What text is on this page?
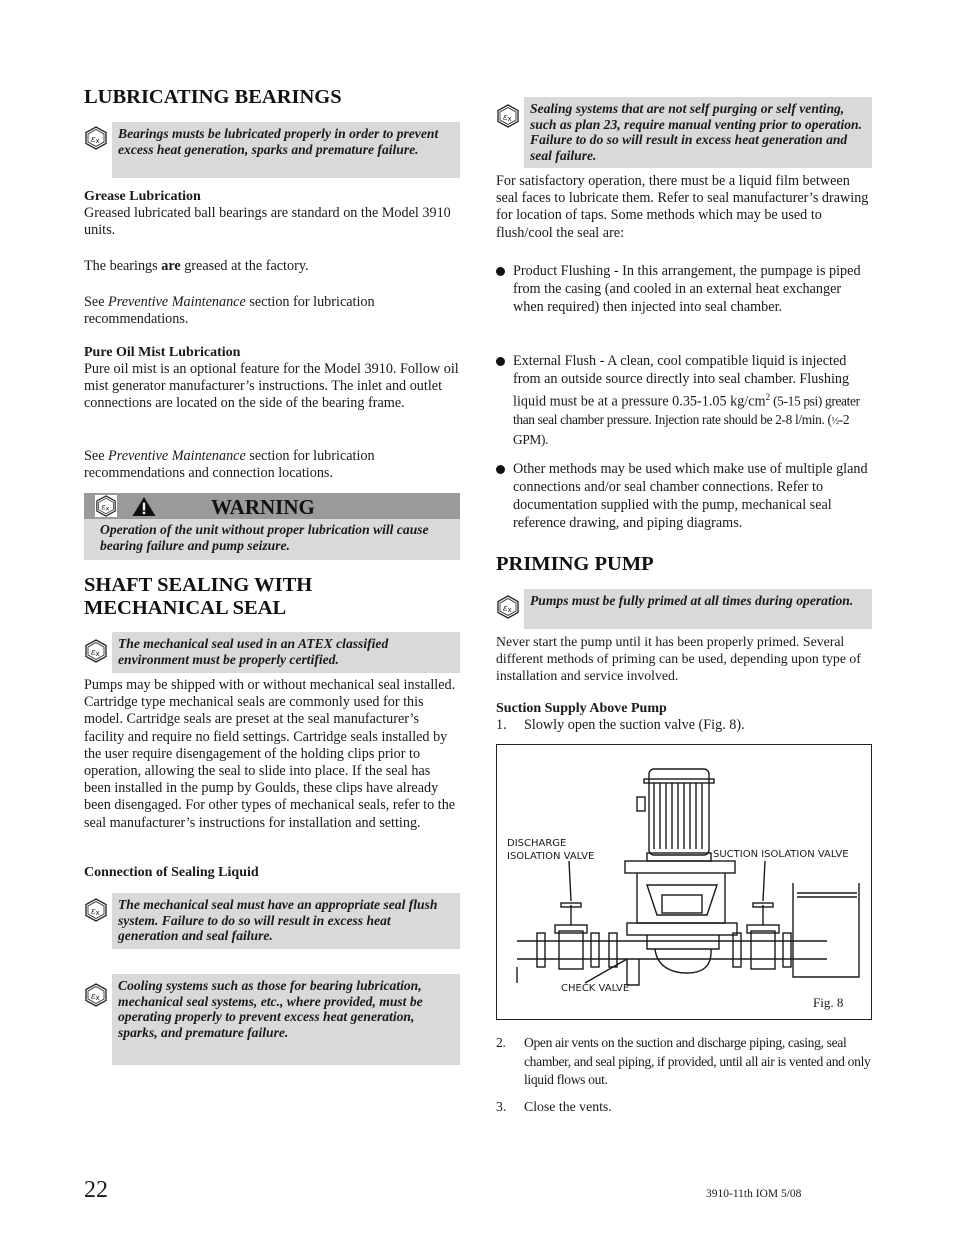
LUBRICATING BEARINGS
Bearings musts be lubricated properly in order to prevent excess heat generation, sparks and premature failure.
Grease Lubrication
Greased lubricated ball bearings are standard on the Model 3910 units.
The bearings are greased at the factory.
See Preventive Maintenance section for lubrication recommendations.
Pure Oil Mist Lubrication
Pure oil mist is an optional feature for the Model 3910. Follow oil mist generator manufacturer’s instructions. The inlet and outlet connections are located on the side of the bearing frame.
See Preventive Maintenance section for lubrication recommendations and connection locations.
WARNING
Operation of the unit without proper lubrication will cause bearing failure and pump seizure.
SHAFT SEALING WITH
MECHANICAL SEAL
The mechanical seal used in an ATEX classified environment must be properly certified.
Pumps may be shipped with or without mechanical seal installed. Cartridge type mechanical seals are commonly used for this model. Cartridge seals are preset at the seal manufacturer’s facility and require no field settings. Cartridge seals installed by the user require disengagement of the holding clips prior to operation, allowing the seal to slide into place. If the seal has been installed in the pump by Goulds, these clips have already been disengaged. For other types of mechanical seals, refer to the seal manufacturer’s instructions for installation and setting.
Connection of Sealing Liquid
The mechanical seal must have an appropriate seal flush system. Failure to do so will result in excess heat generation and seal failure.
Cooling systems such as those for bearing lubrication, mechanical seal systems, etc., where provided, must be operating properly to prevent excess heat generation, sparks, and premature failure.
Sealing systems that are not self purging or self venting, such as plan 23, require manual venting prior to operation. Failure to do so will result in excess heat generation and seal failure.
For satisfactory operation, there must be a liquid film between seal faces to lubricate them. Refer to seal manufacturer’s drawing for location of taps. Some methods which may be used to flush/cool the seal are:
Product Flushing - In this arrangement, the pumpage is piped from the casing (and cooled in an external heat exchanger when required) then injected into seal chamber.
External Flush - A clean, cool compatible liquid is injected from an outside source directly into seal chamber. Flushing liquid must be at a pressure 0.35-1.05 $kg/cm^2$ (5-15 psi) greater than seal chamber pressure. Injection rate should be 2-8 l/min. (½-2 GPM).
Other methods may be used which make use of multiple gland connections and/or seal chamber connections. Refer to documentation supplied with the pump, mechanical seal reference drawing, and piping diagrams.
PRIMING PUMP
Pumps must be fully primed at all times during operation.
Never start the pump until it has been properly primed. Several different methods of priming can be used, depending upon type of installation and service involved.
Suction Supply Above Pump
1. Slowly open the suction valve (Fig. 8).
DISCHARGE
ISOLATION VALVE	SUCTION ISOLATION VALVE
CHECK VALVE
Fig. 8
2. Open air vents on the suction and discharge piping, casing, seal chamber, and seal piping, if provided, until all air is vented and only liquid flows out.
3. Close the vents.
22	3910-11th IOM 5/08
